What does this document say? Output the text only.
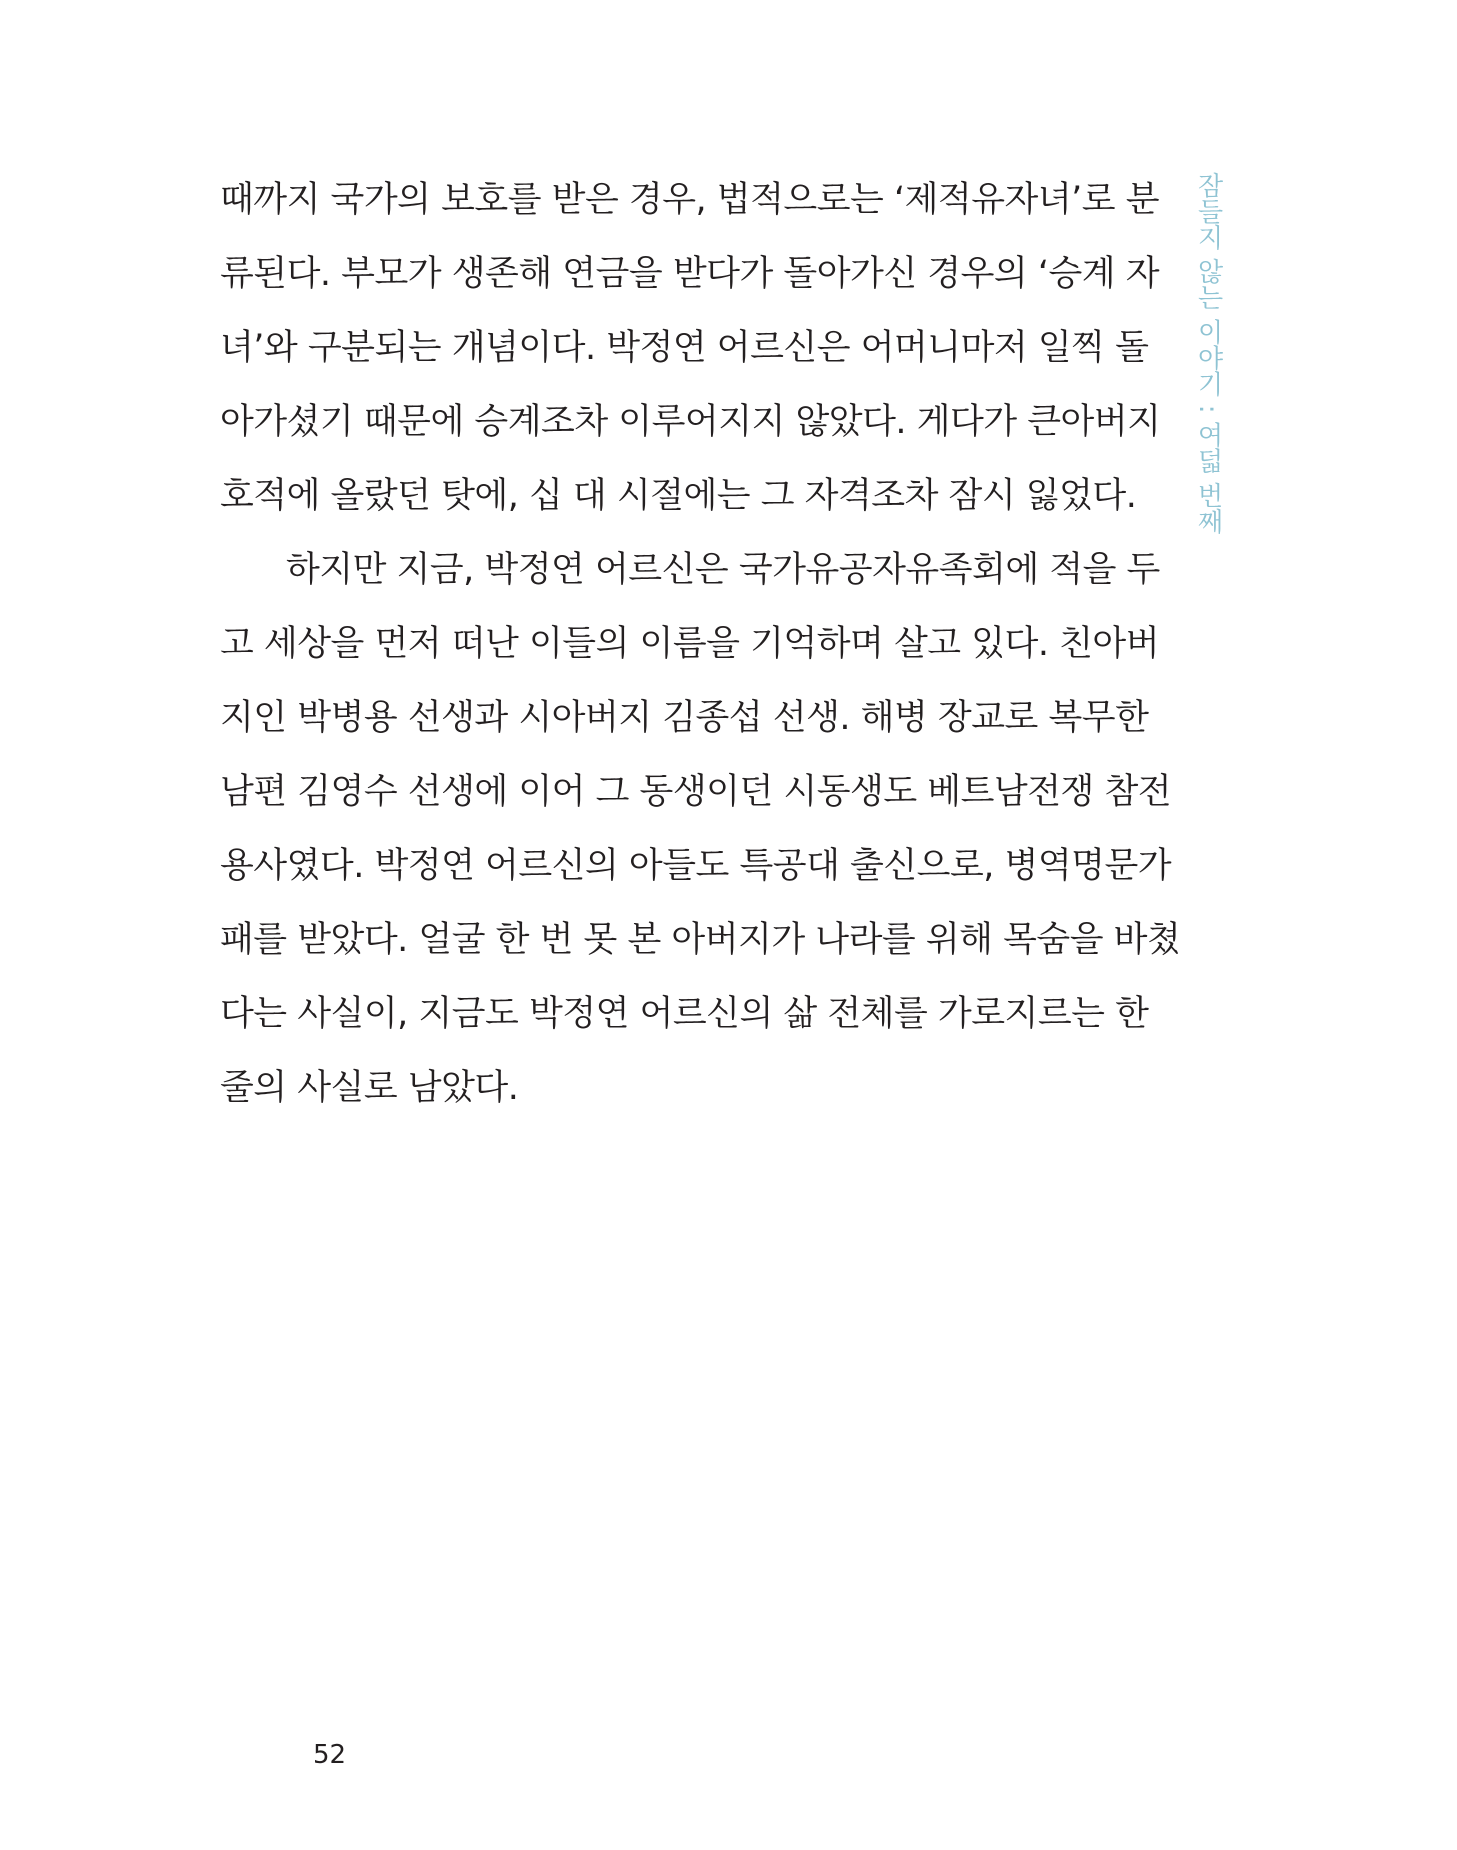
때까지 국가의 보호를 받은 경우, 법적으로는 ‘제적유자녀’로 분
류된다. 부모가 생존해 연금을 받다가 돌아가신 경우의 ‘승계 자
녀’와 구분되는 개념이다. 박정연 어르신은 어머니마저 일찍 돌
아가셨기 때문에 승계조차 이루어지지 않았다. 게다가 큰아버지
호적에 올랐던 탓에, 십 대 시절에는 그 자격조차 잠시 잃었다.
하지만 지금, 박정연 어르신은 국가유공자유족회에 적을 두
고 세상을 먼저 떠난 이들의 이름을 기억하며 살고 있다. 친아버
지인 박병용 선생과 시아버지 김종섭 선생. 해병 장교로 복무한
남편 김영수 선생에 이어 그 동생이던 시동생도 베트남전쟁 참전
용사였다. 박정연 어르신의 아들도 특공대 출신으로, 병역명문가
패를 받았다. 얼굴 한 번 못 본 아버지가 나라를 위해 목숨을 바쳤
다는 사실이, 지금도 박정연 어르신의 삶 전체를 가로지르는 한
줄의 사실로 남았다.
잠들지 않는 이야기 : 여덟 번째
52
